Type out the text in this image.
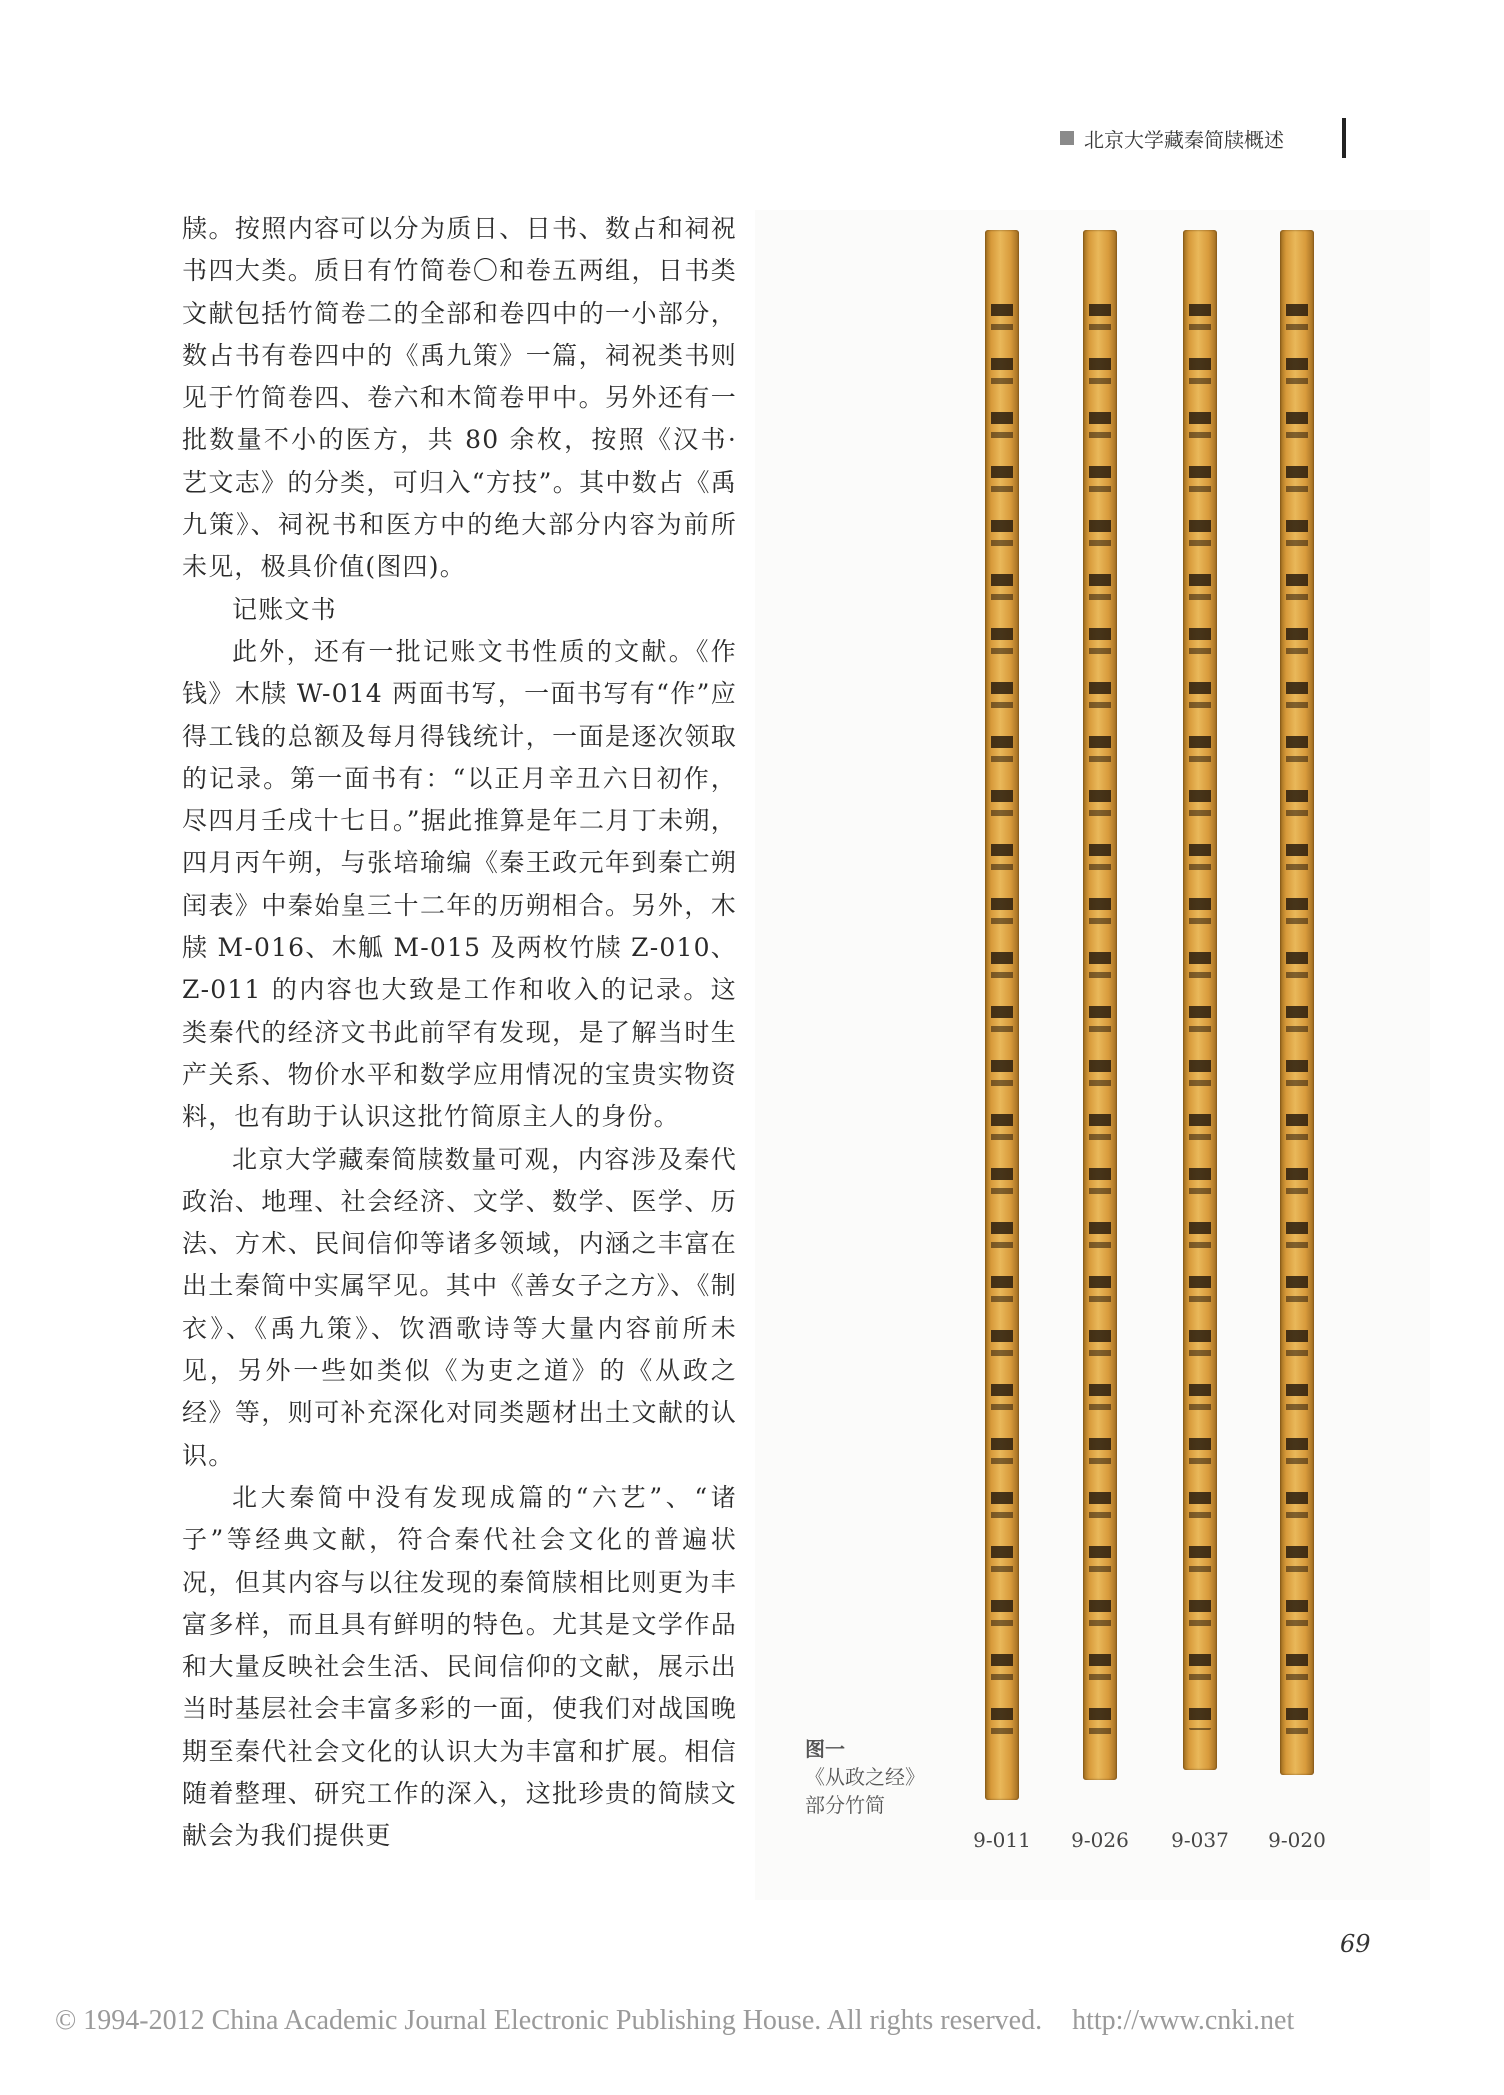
北京大学藏秦简牍概述

牍。按照内容可以分为质日、日书、数占和祠祝书四大类。质日有竹简卷〇和卷五两组，日书类文献包括竹简卷二的全部和卷四中的一小部分，数占书有卷四中的《禹九策》一篇，祠祝类书则见于竹简卷四、卷六和木简卷甲中。另外还有一批数量不小的医方，共 80 余枚，按照《汉书·艺文志》的分类，可归入“方技”。其中数占《禹九策》、祠祝书和医方中的绝大部分内容为前所未见，极具价值(图四)。

记账文书

此外，还有一批记账文书性质的文献。《作钱》木牍 W-014 两面书写，一面书写有“作”应得工钱的总额及每月得钱统计，一面是逐次领取的记录。第一面书有：“以正月辛丑六日初作，尽四月壬戌十七日。”据此推算是年二月丁未朔，四月丙午朔，与张培瑜编《秦王政元年到秦亡朔闰表》中秦始皇三十二年的历朔相合。另外，木牍 M-016、木觚 M-015 及两枚竹牍 Z-010、Z-011 的内容也大致是工作和收入的记录。这类秦代的经济文书此前罕有发现，是了解当时生产关系、物价水平和数学应用情况的宝贵实物资料，也有助于认识这批竹简原主人的身份。

北京大学藏秦简牍数量可观，内容涉及秦代政治、地理、社会经济、文学、数学、医学、历法、方术、民间信仰等诸多领域，内涵之丰富在出土秦简中实属罕见。其中《善女子之方》、《制衣》、《禹九策》、饮酒歌诗等大量内容前所未见，另外一些如类似《为吏之道》的《从政之经》等，则可补充深化对同类题材出土文献的认识。

北大秦简中没有发现成篇的“六艺”、“诸子”等经典文献，符合秦代社会文化的普遍状况，但其内容与以往发现的秦简牍相比则更为丰富多样，而且具有鲜明的特色。尤其是文学作品和大量反映社会生活、民间信仰的文献，展示出当时基层社会丰富多彩的一面，使我们对战国晚期至秦代社会文化的认识大为丰富和扩展。相信随着整理、研究工作的深入，这批珍贵的简牍文献会为我们提供更

图一
《从政之经》
部分竹简
9-011	9-026	9-037	9-020
69
© 1994-2012 China Academic Journal Electronic Publishing House. All rights reserved. http://www.cnki.net
